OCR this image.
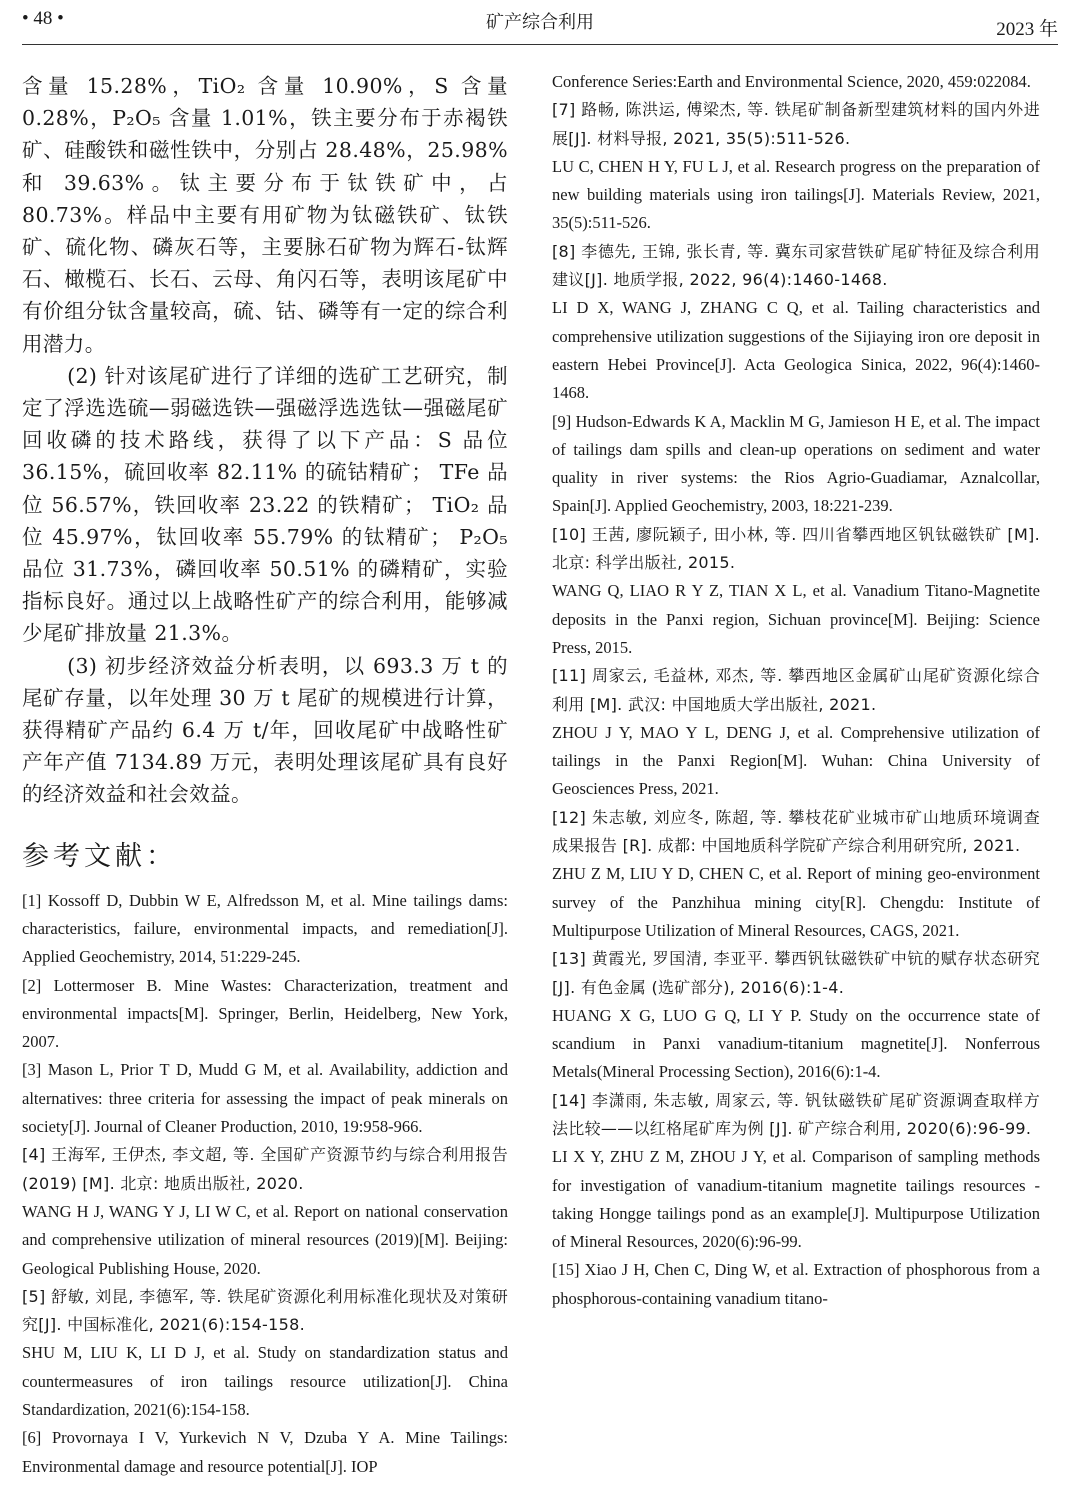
• 48 •	矿产综合利用	2023 年

含量 15.28%，TiO₂ 含量 10.90%，S 含量 0.28%，P₂O₅ 含量 1.01%，铁主要分布于赤褐铁矿、硅酸铁和磁性铁中，分别占 28.48%，25.98% 和 39.63%。钛主要分布于钛铁矿中，占 80.73%。样品中主要有用矿物为钛磁铁矿、钛铁矿、硫化物、磷灰石等，主要脉石矿物为辉石-钛辉石、橄榄石、长石、云母、角闪石等，表明该尾矿中有价组分钛含量较高，硫、钴、磷等有一定的综合利用潜力。

(2) 针对该尾矿进行了详细的选矿工艺研究，制定了浮选选硫—弱磁选铁—强磁浮选选钛—强磁尾矿回收磷的技术路线，获得了以下产品：S 品位 36.15%，硫回收率 82.11% 的硫钴精矿； TFe 品位 56.57%，铁回收率 23.22 的铁精矿； TiO₂ 品位 45.97%，钛回收率 55.79% 的钛精矿； P₂O₅ 品位 31.73%，磷回收率 50.51% 的磷精矿，实验指标良好。通过以上战略性矿产的综合利用，能够减少尾矿排放量 21.3%。

(3) 初步经济效益分析表明，以 693.3 万 t 的尾矿存量，以年处理 30 万 t 尾矿的规模进行计算，获得精矿产品约 6.4 万 t/年，回收尾矿中战略性矿产年产值 7134.89 万元，表明处理该尾矿具有良好的经济效益和社会效益。

参考文献：

[1] Kossoff D, Dubbin W E, Alfredsson M, et al. Mine tailings dams: characteristics, failure, environmental impacts, and remediation[J]. Applied Geochemistry, 2014, 51:229-245.

[2] Lottermoser B. Mine Wastes: Characterization, treatment and environmental impacts[M]. Springer, Berlin, Heidelberg, New York, 2007.

[3] Mason L, Prior T D, Mudd G M, et al. Availability, addiction and alternatives: three criteria for assessing the impact of peak minerals on society[J]. Journal of Cleaner Production, 2010, 19:958-966.

[4] 王海军, 王伊杰, 李文超, 等. 全国矿产资源节约与综合利用报告 (2019) [M]. 北京: 地质出版社, 2020.

WANG H J, WANG Y J, LI W C, et al. Report on national conservation and comprehensive utilization of mineral resources (2019)[M]. Beijing: Geological Publishing House, 2020.

[5] 舒敏, 刘昆, 李德军, 等. 铁尾矿资源化利用标准化现状及对策研究[J]. 中国标准化, 2021(6):154-158.

SHU M, LIU K, LI D J, et al. Study on standardization status and countermeasures of iron tailings resource utilization[J]. China Standardization, 2021(6):154-158.

[6] Provornaya I V, Yurkevich N V, Dzuba Y A. Mine Tailings: Environmental damage and resource potential[J]. IOP

Conference Series:Earth and Environmental Science, 2020, 459:022084.

[7] 路畅, 陈洪运, 傅梁杰, 等. 铁尾矿制备新型建筑材料的国内外进展[J]. 材料导报, 2021, 35(5):511-526.

LU C, CHEN H Y, FU L J, et al. Research progress on the preparation of new building materials using iron tailings[J]. Materials Review, 2021, 35(5):511-526.

[8] 李德先, 王锦, 张长青, 等. 冀东司家营铁矿尾矿特征及综合利用建议[J]. 地质学报, 2022, 96(4):1460-1468.

LI D X, WANG J, ZHANG C Q, et al. Tailing characteristics and comprehensive utilization suggestions of the Sijiaying iron ore deposit in eastern Hebei Province[J]. Acta Geologica Sinica, 2022, 96(4):1460-1468.

[9] Hudson-Edwards K A, Macklin M G, Jamieson H E, et al. The impact of tailings dam spills and clean-up operations on sediment and water quality in river systems: the Rios Agrio-Guadiamar, Aznalcollar, Spain[J]. Applied Geochemistry, 2003, 18:221-239.

[10] 王茜, 廖阮颖子, 田小林, 等. 四川省攀西地区钒钛磁铁矿 [M]. 北京: 科学出版社, 2015.

WANG Q, LIAO R Y Z, TIAN X L, et al. Vanadium Titano-Magnetite deposits in the Panxi region, Sichuan province[M]. Beijing: Science Press, 2015.

[11] 周家云, 毛益林, 邓杰, 等. 攀西地区金属矿山尾矿资源化综合利用 [M]. 武汉: 中国地质大学出版社, 2021.

ZHOU J Y, MAO Y L, DENG J, et al. Comprehensive utilization of tailings in the Panxi Region[M]. Wuhan: China University of Geosciences Press, 2021.

[12] 朱志敏, 刘应冬, 陈超, 等. 攀枝花矿业城市矿山地质环境调查成果报告 [R]. 成都: 中国地质科学院矿产综合利用研究所, 2021.

ZHU Z M, LIU Y D, CHEN C, et al. Report of mining geo-environment survey of the Panzhihua mining city[R]. Chengdu: Institute of Multipurpose Utilization of Mineral Resources, CAGS, 2021.

[13] 黄霞光, 罗国清, 李亚平. 攀西钒钛磁铁矿中钪的赋存状态研究[J]. 有色金属 (选矿部分), 2016(6):1-4.

HUANG X G, LUO G Q, LI Y P. Study on the occurrence state of scandium in Panxi vanadium-titanium magnetite[J]. Nonferrous Metals(Mineral Processing Section), 2016(6):1-4.

[14] 李潇雨, 朱志敏, 周家云, 等. 钒钛磁铁矿尾矿资源调查取样方法比较——以红格尾矿库为例 [J]. 矿产综合利用, 2020(6):96-99.

LI X Y, ZHU Z M, ZHOU J Y, et al. Comparison of sampling methods for investigation of vanadium-titanium magnetite tailings resources - taking Hongge tailings pond as an example[J]. Multipurpose Utilization of Mineral Resources, 2020(6):96-99.

[15] Xiao J H, Chen C, Ding W, et al. Extraction of phosphorous from a phosphorous-containing vanadium titano-
